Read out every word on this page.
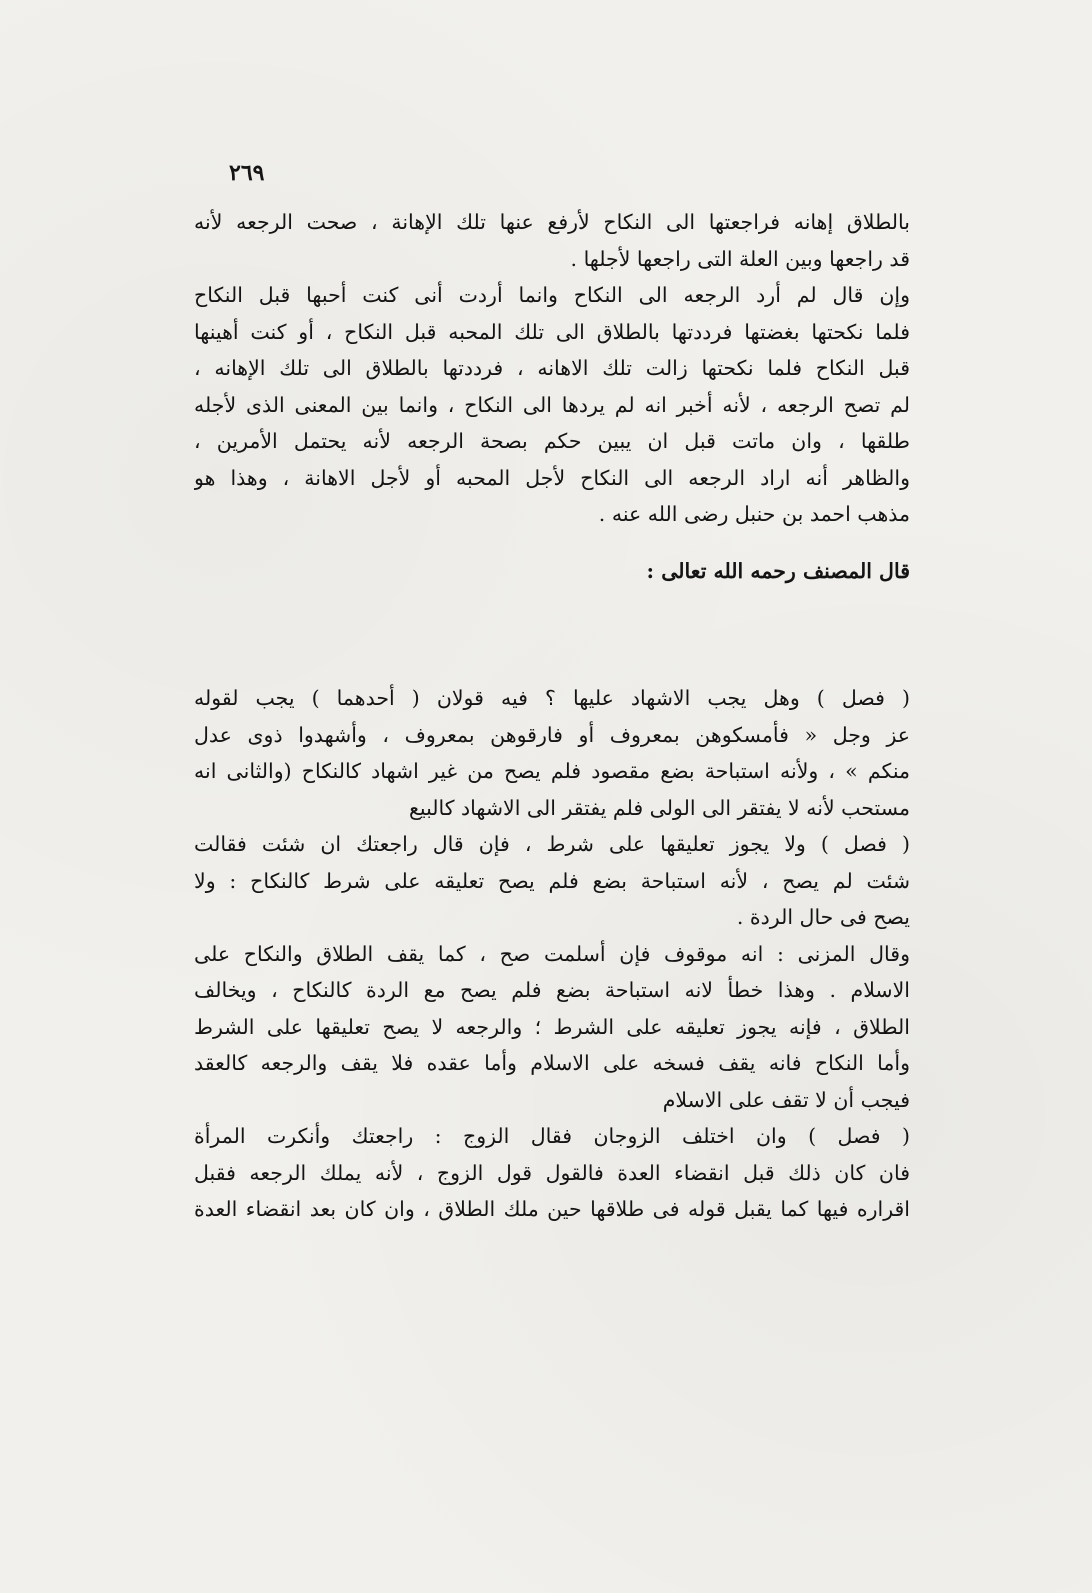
٢٦٩
بالطلاق إهانه فراجعتها الى النكاح لأرفع عنها تلك الإهانة ، صحت الرجعه لأنه
قد راجعها وبين العلة التى راجعها لأجلها .
وإن قال لم أرد الرجعه الى النكاح وانما أردت أنى كنت أحبها قبل النكاح
فلما نكحتها بغضتها فرددتها بالطلاق الى تلك المحبه قبل النكاح ، أو كنت أهينها
قبل النكاح فلما نكحتها زالت تلك الاهانه ، فرددتها بالطلاق الى تلك الإهانه ،
لم تصح الرجعه ، لأنه أخبر انه لم يردها الى النكاح ، وانما بين المعنى الذى لأجله
طلقها ، وان ماتت قبل ان يبين حكم بصحة الرجعه لأنه يحتمل الأمرين ،
والظاهر أنه اراد الرجعه الى النكاح لأجل المحبه أو لأجل الاهانة ، وهذا هو
مذهب احمد بن حنبل رضى الله عنه .
قال المصنف رحمه الله تعالى :
( فصل ) وهل يجب الاشهاد عليها ؟ فيه قولان ( أحدهما ) يجب لقوله
عز وجل « فأمسكوهن بمعروف أو فارقوهن بمعروف ، وأشهدوا ذوى عدل
منكم » ، ولأنه استباحة بضع مقصود فلم يصح من غير اشهاد كالنكاح (والثانى انه
مستحب لأنه لا يفتقر الى الولى فلم يفتقر الى الاشهاد كالبيع
( فصل ) ولا يجوز تعليقها على شرط ، فإن قال راجعتك ان شئت فقالت
شئت لم يصح ، لأنه استباحة بضع فلم يصح تعليقه على شرط كالنكاح : ولا
يصح فى حال الردة .
وقال المزنى : انه موقوف فإن أسلمت صح ، كما يقف الطلاق والنكاح على
الاسلام . وهذا خطأ لانه استباحة بضع فلم يصح مع الردة كالنكاح ، ويخالف
الطلاق ، فإنه يجوز تعليقه على الشرط ؛ والرجعه لا يصح تعليقها على الشرط
وأما النكاح فانه يقف فسخه على الاسلام وأما عقده فلا يقف والرجعه كالعقد
فيجب أن لا تقف على الاسلام
( فصل ) وان اختلف الزوجان فقال الزوج : راجعتك وأنكرت المرأة
فان كان ذلك قبل انقضاء العدة فالقول قول الزوج ، لأنه يملك الرجعه فقبل
اقراره فيها كما يقبل قوله فى طلاقها حين ملك الطلاق ، وان كان بعد انقضاء العدة
